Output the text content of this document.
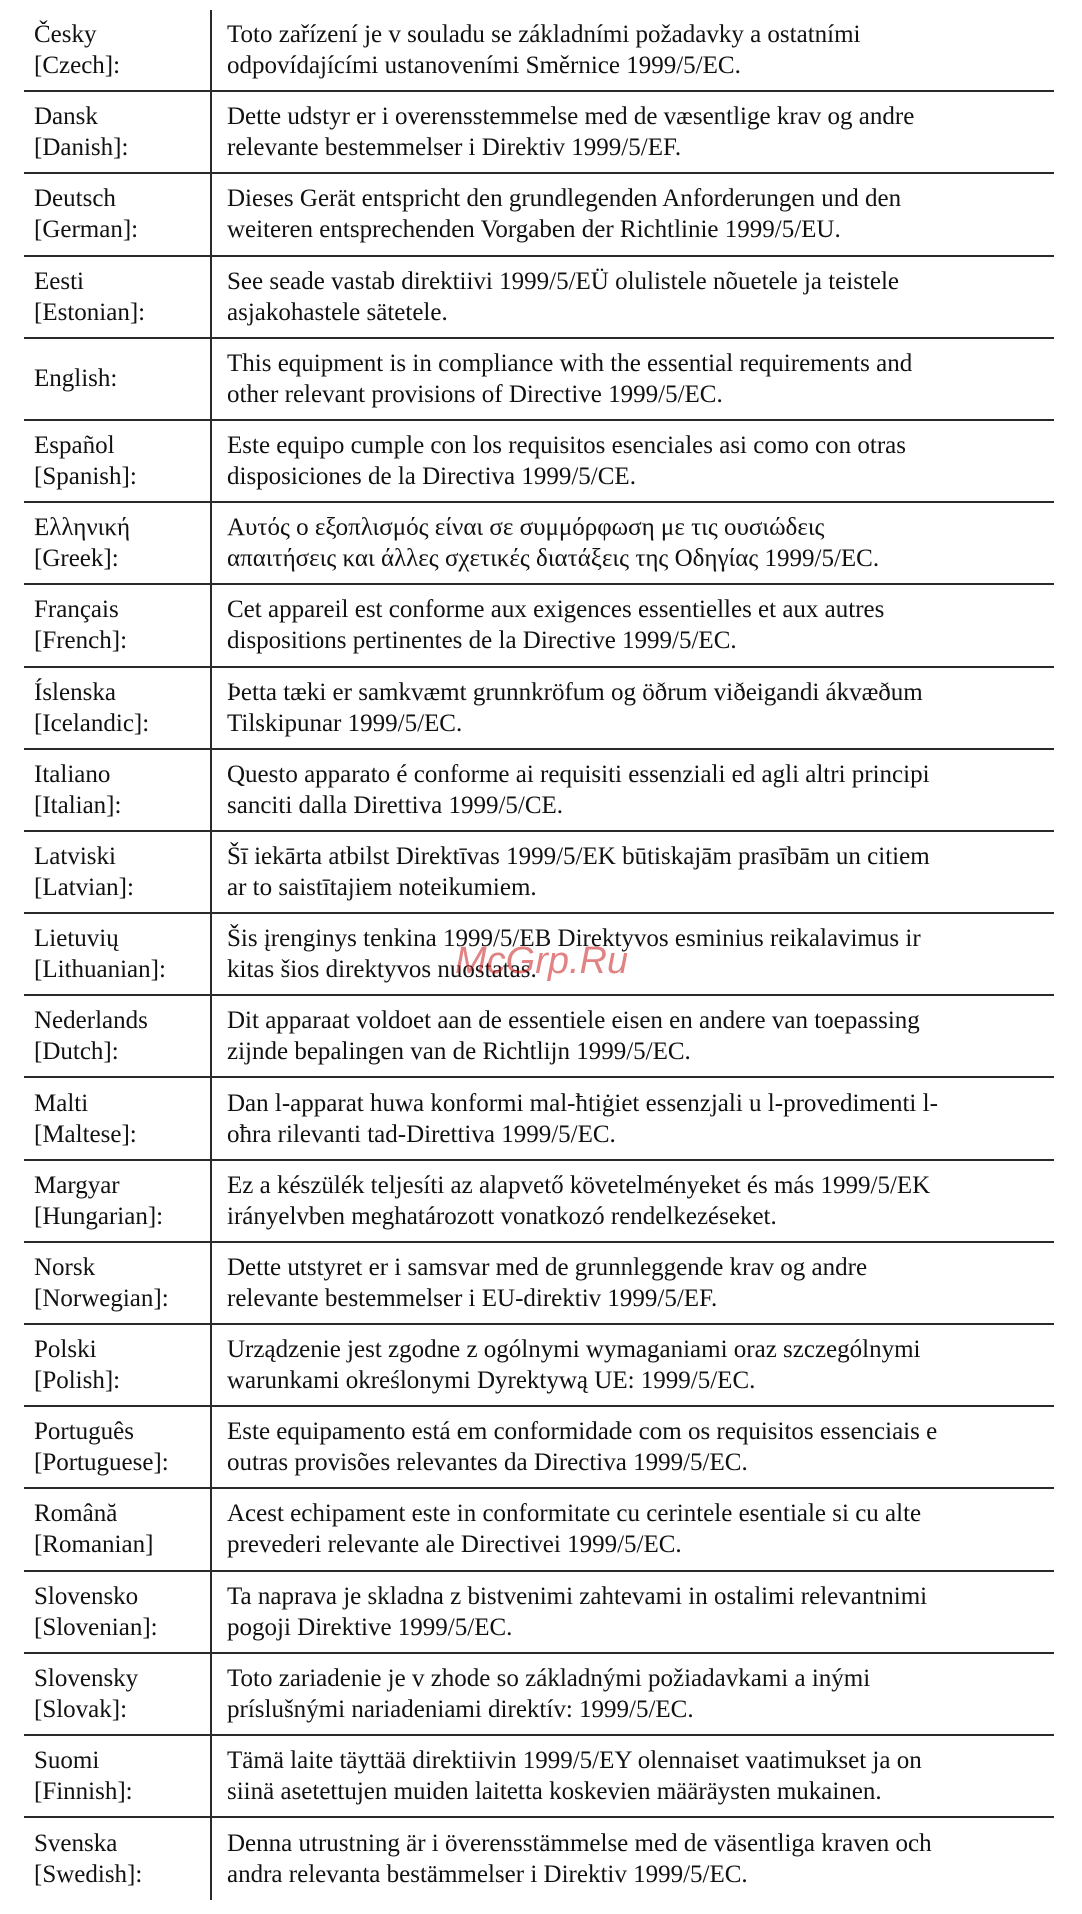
Česky
[Czech]:
Toto zařízení je v souladu se základními požadavky a ostatními
odpovídajícími ustanoveními Směrnice 1999/5/EC.
Dansk
[Danish]:
Dette udstyr er i overensstemmelse med de væsentlige krav og andre
relevante bestemmelser i Direktiv 1999/5/EF.
Deutsch
[German]:
Dieses Gerät entspricht den grundlegenden Anforderungen und den
weiteren entsprechenden Vorgaben der Richtlinie 1999/5/EU.
Eesti
[Estonian]:
See seade vastab direktiivi 1999/5/EÜ olulistele nõuetele ja teistele
asjakohastele sätetele.
English:
This equipment is in compliance with the essential requirements and
other relevant provisions of Directive 1999/5/EC.
Español
[Spanish]:
Este equipo cumple con los requisitos esenciales asi como con otras
disposiciones de la Directiva 1999/5/CE.
Ελληνική
[Greek]:
Αυτός ο εξοπλισμός είναι σε συμμόρφωση με τις ουσιώδεις
απαιτήσεις και άλλες σχετικές διατάξεις της Οδηγίας 1999/5/EC.
Français
[French]:
Cet appareil est conforme aux exigences essentielles et aux autres
dispositions pertinentes de la Directive 1999/5/EC.
Íslenska
[Icelandic]:
Þetta tæki er samkvæmt grunnkröfum og öðrum viðeigandi ákvæðum
Tilskipunar 1999/5/EC.
Italiano
[Italian]:
Questo apparato é conforme ai requisiti essenziali ed agli altri principi
sanciti dalla Direttiva 1999/5/CE.
Latviski
[Latvian]:
Šī iekārta atbilst Direktīvas 1999/5/EK būtiskajām prasībām un citiem
ar to saistītajiem noteikumiem.
Lietuvių
[Lithuanian]:
Šis įrenginys tenkina 1999/5/EB Direktyvos esminius reikalavimus ir
kitas šios direktyvos nuostatas.
Nederlands
[Dutch]:
Dit apparaat voldoet aan de essentiele eisen en andere van toepassing
zijnde bepalingen van de Richtlijn 1999/5/EC.
Malti
[Maltese]:
Dan l-apparat huwa konformi mal-ħtiġiet essenzjali u l-provedimenti l-
oħra rilevanti tad-Direttiva 1999/5/EC.
Margyar
[Hungarian]:
Ez a készülék teljesíti az alapvető követelményeket és más 1999/5/EK
irányelvben meghatározott vonatkozó rendelkezéseket.
Norsk
[Norwegian]:
Dette utstyret er i samsvar med de grunnleggende krav og andre
relevante bestemmelser i EU-direktiv 1999/5/EF.
Polski
[Polish]:
Urządzenie jest zgodne z ogólnymi wymaganiami oraz szczególnymi
warunkami określonymi Dyrektywą UE: 1999/5/EC.
Português
[Portuguese]:
Este equipamento está em conformidade com os requisitos essenciais e
outras provisões relevantes da Directiva 1999/5/EC.
Română
[Romanian]
Acest echipament este in conformitate cu cerintele esentiale si cu alte
prevederi relevante ale Directivei 1999/5/EC.
Slovensko
[Slovenian]:
Ta naprava je skladna z bistvenimi zahtevami in ostalimi relevantnimi
pogoji Direktive 1999/5/EC.
Slovensky
[Slovak]:
Toto zariadenie je v zhode so základnými požiadavkami a inými
príslušnými nariadeniami direktív: 1999/5/EC.
Suomi
[Finnish]:
Tämä laite täyttää direktiivin 1999/5/EY olennaiset vaatimukset ja on
siinä asetettujen muiden laitetta koskevien määräysten mukainen.
Svenska
[Swedish]:
Denna utrustning är i överensstämmelse med de väsentliga kraven och
andra relevanta bestämmelser i Direktiv 1999/5/EC.
McGrp.Ru
